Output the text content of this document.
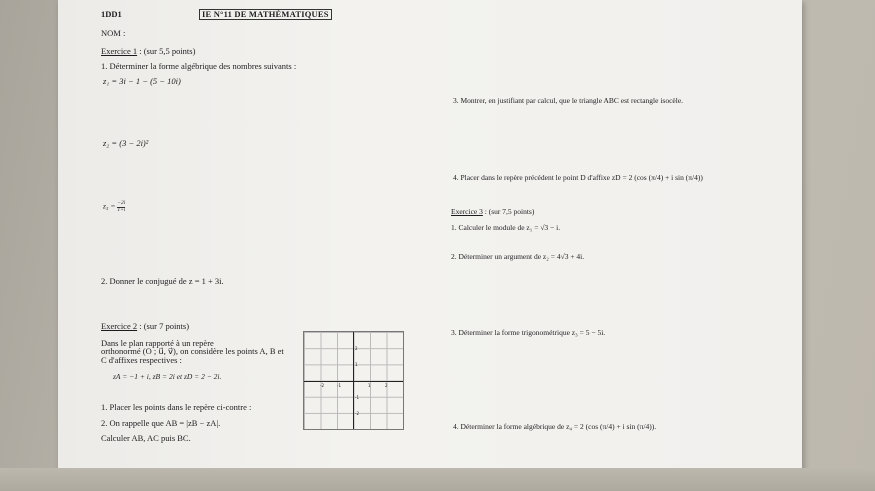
1DD1	IE N°11 DE MATHÉMATIQUES
NOM :
Exercice 1 : (sur 5,5 points)
1. Déterminer la forme algébrique des nombres suivants :
z₁ = 3i − 1 − (5 − 10i)
z₂ = (3 − 2i)²
$z_3 = \frac{-2i}{1+i}$
2. Donner le conjugué de z = 1 + 3i.
Exercice 2 : (sur 7 points)
Dans le plan rapporté à un repère
orthonormé (O ; u⃗, v⃗), on considère les points A, B et
C d'affixes respectives :
zA = −1 + i, zB = 2i et zD = 2 − 2i.
1. Placer les points dans le repère ci-contre :
2. On rappelle que AB = |zB − zA|.
Calculer AB, AC puis BC.
3. Montrer, en justifiant par calcul, que le triangle ABC est rectangle isocèle.
4. Placer dans le repère précédent le point D d'affixe zD = 2 (cos (π/4) + i sin (π/4))
2
1
-1
-2
-2	-1	1	2
Exercice 3 : (sur 7,5 points)
1. Calculer le module de z₁ = √3 − i.
2. Déterminer un argument de z₂ = 4√3 + 4i.
3. Déterminer la forme trigonométrique z₃ = 5 − 5i.
4. Déterminer la forme algébrique de z₄ = 2 (cos (π/4) + i sin (π/4)).
